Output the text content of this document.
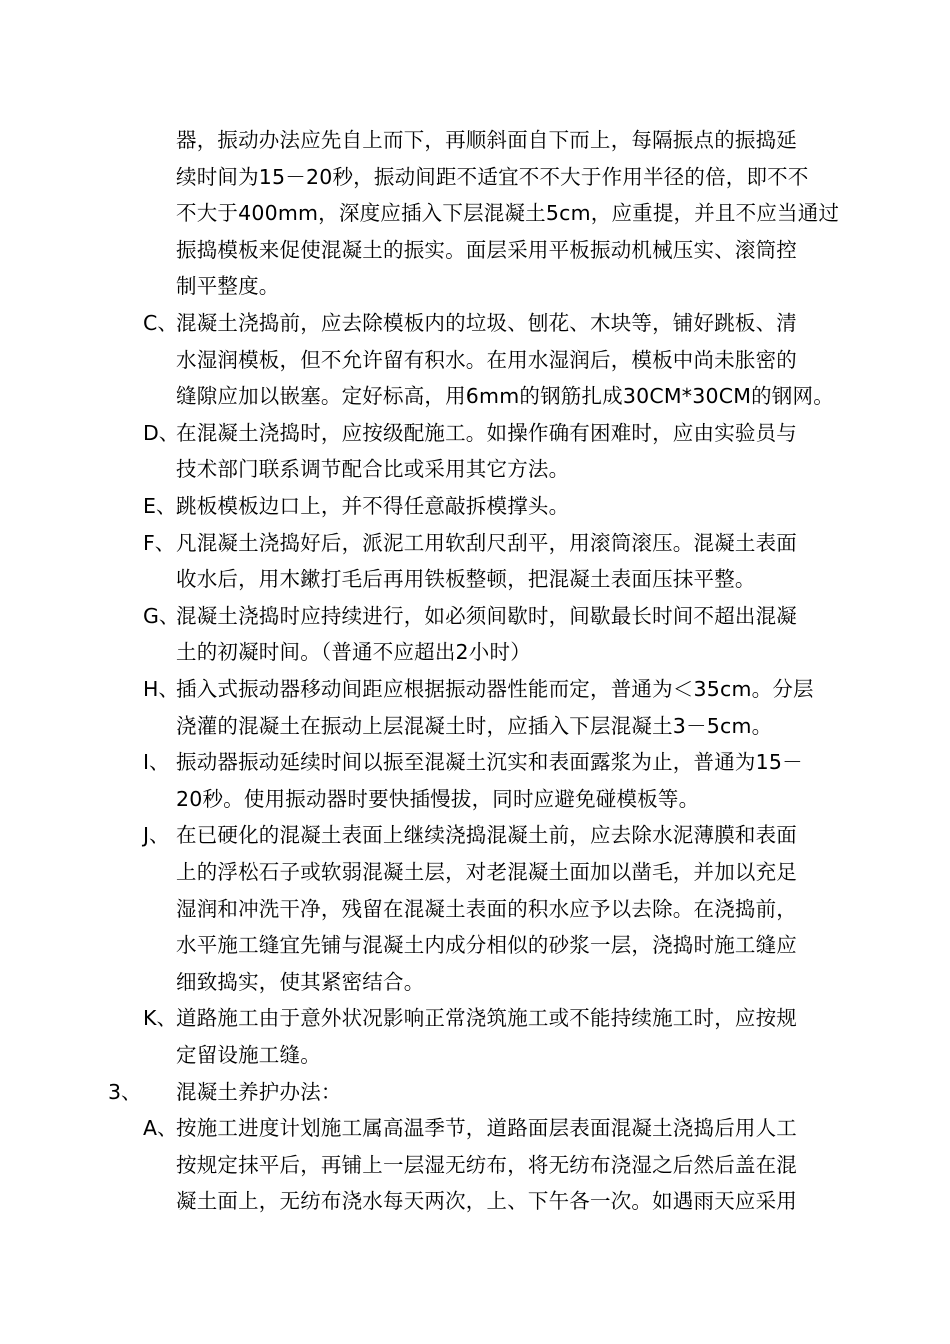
器，振动办法应先自上而下，再顺斜面自下而上，每隔振点的振捣延
续时间为15－20秒，振动间距不适宜不不大于作用半径的倍，即不不
不大于400mm，深度应插入下层混凝土5cm，应重提，并且不应当通过
振捣模板来促使混凝土的振实。面层采用平板振动机械压实、滚筒控
制平整度。
C、
混凝土浇捣前，应去除模板内的垃圾、刨花、木块等，铺好跳板、清
水湿润模板，但不允许留有积水。在用水湿润后，模板中尚未胀密的
缝隙应加以嵌塞。定好标高，用6mm的钢筋扎成30CM*30CM的钢网。
D、
在混凝土浇捣时，应按级配施工。如操作确有困难时，应由实验员与
技术部门联系调节配合比或采用其它方法。
E、 跳板模板边口上，并不得任意敲拆模撑头。
F、 凡混凝土浇捣好后，派泥工用软刮尺刮平，用滚筒滚压。混凝土表面
收水后，用木鏉打毛后再用铁板整顿，把混凝土表面压抹平整。
G、
混凝土浇捣时应持续进行，如必须间歇时，间歇最长时间不超出混凝
土的初凝时间。（普通不应超出2小时）
H、
插入式振动器移动间距应根据振动器性能而定，普通为＜35cm。分层
浇灌的混凝土在振动上层混凝土时，应插入下层混凝土3－5cm。
I、 振动器振动延续时间以振至混凝土沉实和表面露浆为止，普通为15－
20秒。使用振动器时要快插慢拔，同时应避免碰模板等。
J、 在已硬化的混凝土表面上继续浇捣混凝土前，应去除水泥薄膜和表面
上的浮松石子或软弱混凝土层，对老混凝土面加以凿毛，并加以充足
湿润和冲洗干净，残留在混凝土表面的积水应予以去除。在浇捣前，
水平施工缝宜先铺与混凝土内成分相似的砂浆一层，浇捣时施工缝应
细致捣实，使其紧密结合。
K、 道路施工由于意外状况影响正常浇筑施工或不能持续施工时，应按规
定留设施工缝。
3、 混凝土养护办法：
A、
按施工进度计划施工属高温季节，道路面层表面混凝土浇捣后用人工
按规定抹平后，再铺上一层湿无纺布，将无纺布浇湿之后然后盖在混
凝土面上，无纺布浇水每天两次，上、下午各一次。如遇雨天应采用
